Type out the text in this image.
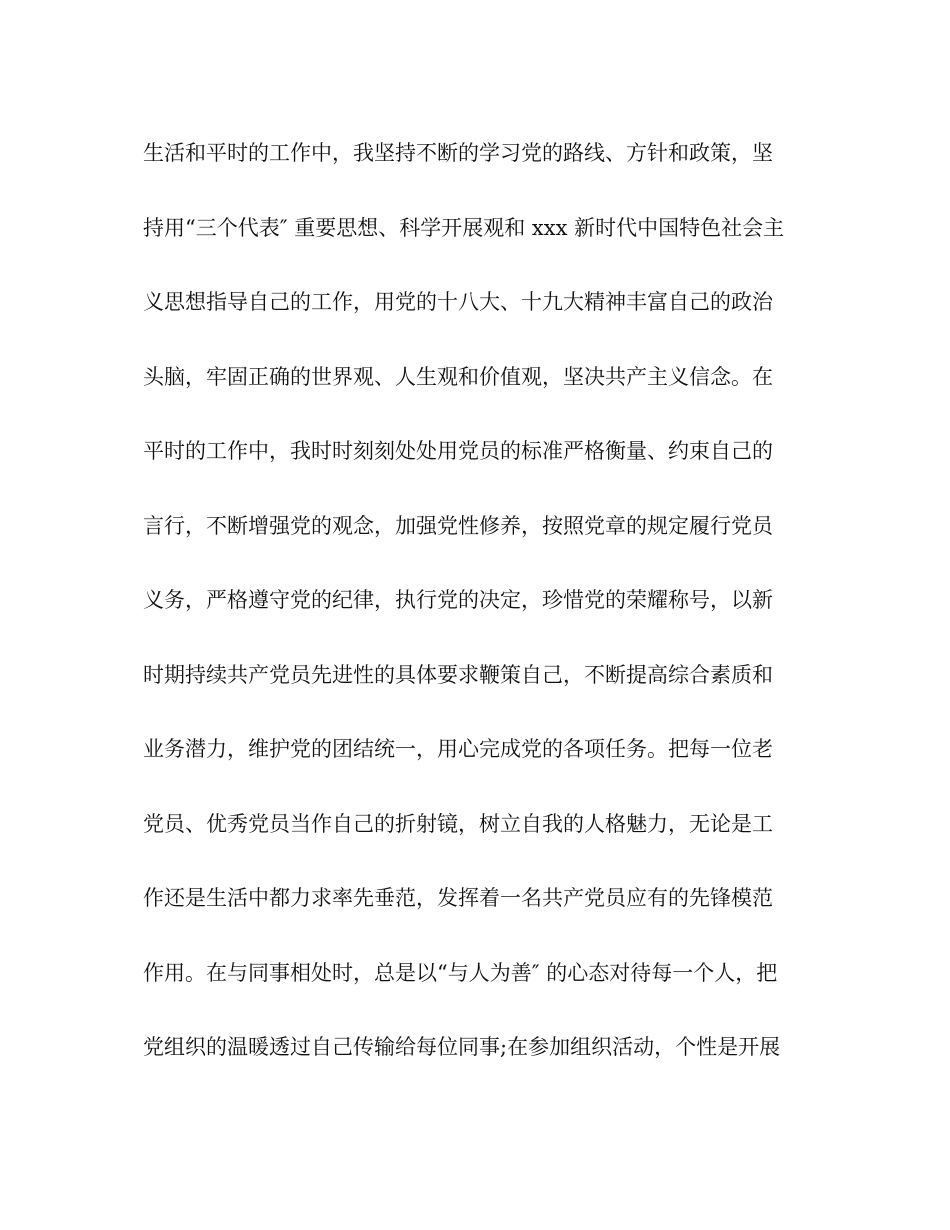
生活和平时的工作中，我坚持不断的学习党的路线、方针和政策，坚
持用“三个代表″ 重要思想、科学开展观和 xxx 新时代中国特色社会主
义思想指导自己的工作，用党的十八大、十九大精神丰富自己的政治
头脑，牢固正确的世界观、人生观和价值观，坚决共产主义信念。在
平时的工作中，我时时刻刻处处用党员的标准严格衡量、约束自己的
言行，不断增强党的观念，加强党性修养，按照党章的规定履行党员
义务，严格遵守党的纪律，执行党的决定，珍惜党的荣耀称号，以新
时期持续共产党员先进性的具体要求鞭策自己，不断提高综合素质和
业务潜力，维护党的团结统一，用心完成党的各项任务。把每一位老
党员、优秀党员当作自己的折射镜，树立自我的人格魅力，无论是工
作还是生活中都力求率先垂范，发挥着一名共产党员应有的先锋模范
作用。在与同事相处时，总是以“与人为善″ 的心态对待每一个人，把
党组织的温暖透过自己传输给每位同事;在参加组织活动，个性是开展
